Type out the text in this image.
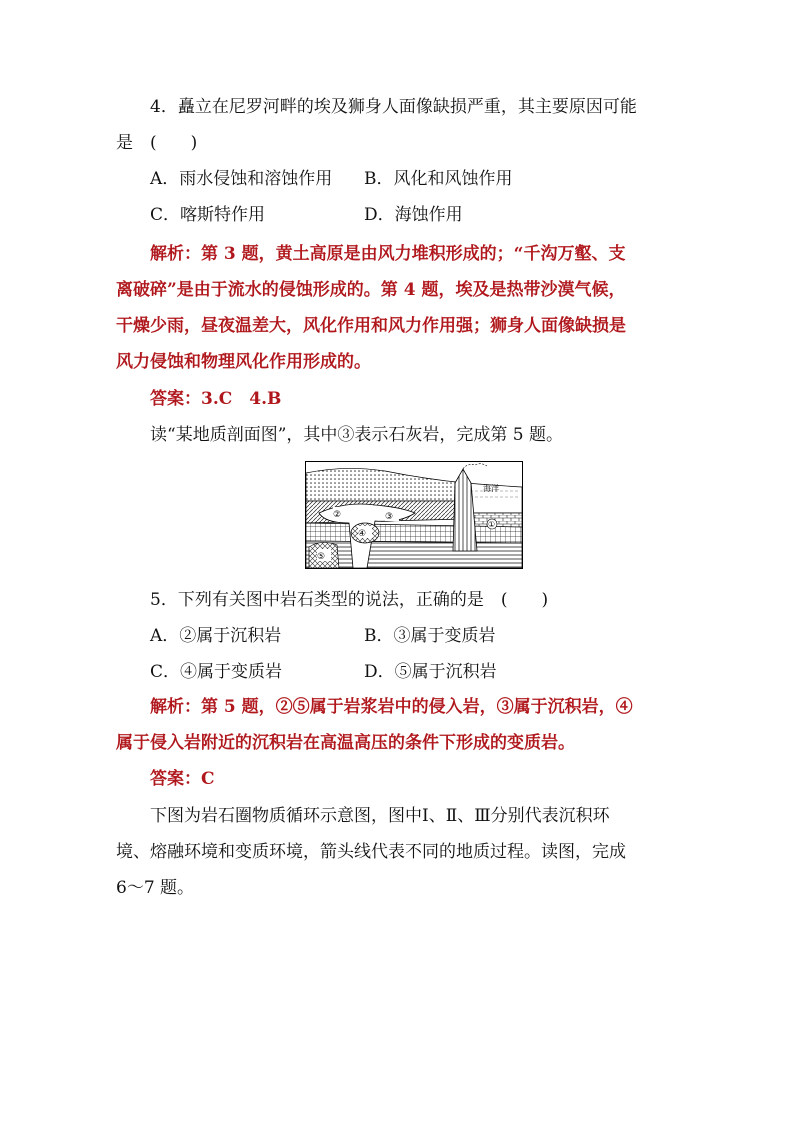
4．矗立在尼罗河畔的埃及狮身人面像缺损严重，其主要原因可能
是　(　　)
A．雨水侵蚀和溶蚀作用 B．风化和风蚀作用
C．喀斯特作用	D．海蚀作用
解析：第 3 题，黄土高原是由风力堆积形成的；“千沟万壑、支
离破碎”是由于流水的侵蚀形成的。第 4 题，埃及是热带沙漠气候，
干燥少雨，昼夜温差大，风化作用和风力作用强；狮身人面像缺损是
风力侵蚀和物理风化作用形成的。
答案：3.C　4.B
读“某地质剖面图”，其中③表示石灰岩，完成第 5 题。
海洋
①
②	③
④
⑤
5．下列有关图中岩石类型的说法，正确的是　(　　)
A．②属于沉积岩	B．③属于变质岩
C．④属于变质岩	D．⑤属于沉积岩
解析：第 5 题，②⑤属于岩浆岩中的侵入岩，③属于沉积岩，④
属于侵入岩附近的沉积岩在高温高压的条件下形成的变质岩。
答案：C
下图为岩石圈物质循环示意图，图中Ⅰ、Ⅱ、Ⅲ分别代表沉积环
境、熔融环境和变质环境，箭头线代表不同的地质过程。读图，完成
6～7 题。
